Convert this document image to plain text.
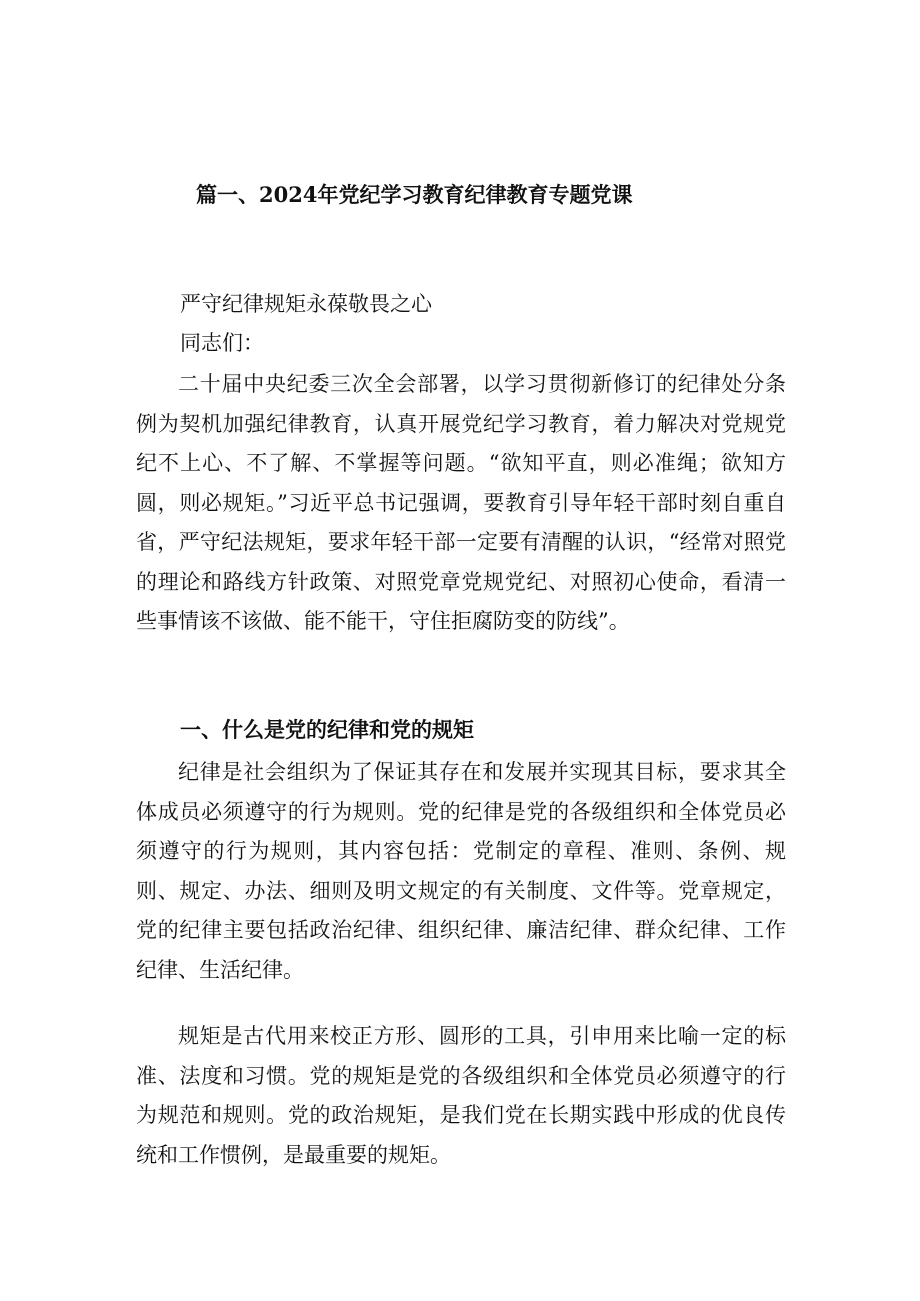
篇一、2024年党纪学习教育纪律教育专题党课
严守纪律规矩永葆敬畏之心
同志们：
二十届中央纪委三次全会部署，以学习贯彻新修订的纪律处分条例为契机加强纪律教育，认真开展党纪学习教育，着力解决对党规党纪不上心、不了解、不掌握等问题。“欲知平直，则必准绳；欲知方圆，则必规矩。”习近平总书记强调，要教育引导年轻干部时刻自重自省，严守纪法规矩，要求年轻干部一定要有清醒的认识，“经常对照党的理论和路线方针政策、对照党章党规党纪、对照初心使命，看清一些事情该不该做、能不能干，守住拒腐防变的防线”。
一、什么是党的纪律和党的规矩
纪律是社会组织为了保证其存在和发展并实现其目标，要求其全体成员必须遵守的行为规则。党的纪律是党的各级组织和全体党员必须遵守的行为规则，其内容包括：党制定的章程、准则、条例、规则、规定、办法、细则及明文规定的有关制度、文件等。党章规定，党的纪律主要包括政治纪律、组织纪律、廉洁纪律、群众纪律、工作纪律、生活纪律。
规矩是古代用来校正方形、圆形的工具，引申用来比喻一定的标准、法度和习惯。党的规矩是党的各级组织和全体党员必须遵守的行为规范和规则。党的政治规矩，是我们党在长期实践中形成的优良传统和工作惯例，是最重要的规矩。
